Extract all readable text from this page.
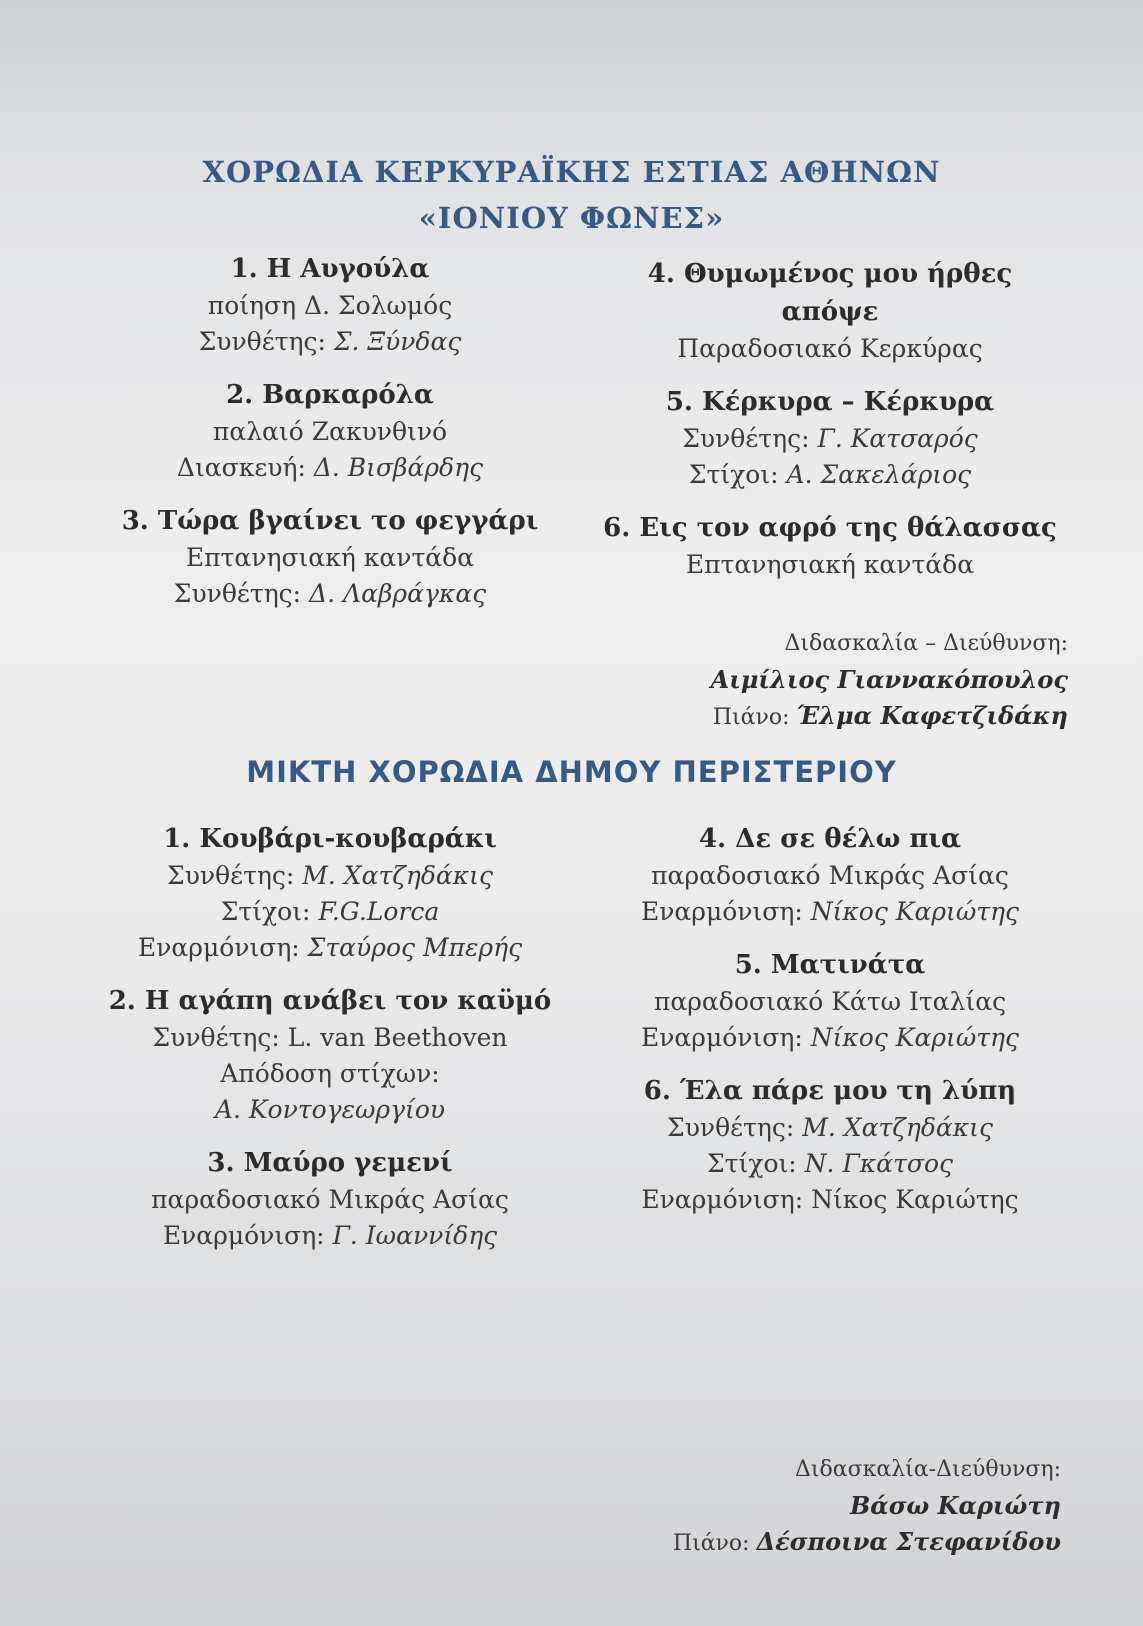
ΧΟΡΩΔΙΑ ΚΕΡΚΥΡΑΪΚΗΣ ΕΣΤΙΑΣ ΑΘΗΝΩΝ
«ΙΟΝΙΟΥ ΦΩΝΕΣ»
1. Η Αυγούλα
ποίηση Δ. Σολωμός
Συνθέτης: Σ. Ξύνδας
2. Βαρκαρόλα
παλαιό Ζακυνθινό
Διασκευή: Δ. Βισβάρδης
3. Τώρα βγαίνει το φεγγάρι
Επτανησιακή καντάδα
Συνθέτης: Δ. Λαβράγκας
4. Θυμωμένος μου ήρθες
απόψε
Παραδοσιακό Κερκύρας
5. Κέρκυρα – Κέρκυρα
Συνθέτης: Γ. Κατσαρός
Στίχοι: Α. Σακελάριος
6. Εις τον αφρό της θάλασσας
Επτανησιακή καντάδα
Διδασκαλία – Διεύθυνση:
Αιμίλιος Γιαννακόπουλος
Πιάνο: Έλμα Καφετζιδάκη
ΜΙΚΤΗ ΧΟΡΩΔΙΑ ΔΗΜΟΥ ΠΕΡΙΣΤΕΡΙΟΥ
1. Κουβάρι-κουβαράκι
Συνθέτης: Μ. Χατζηδάκις
Στίχοι: F.G.Lorca
Εναρμόνιση: Σταύρος Μπερής
2. Η αγάπη ανάβει τον καϋμό
Συνθέτης: L. van Beethoven
Απόδοση στίχων:
Α. Κοντογεωργίου
3. Μαύρο γεμενί
παραδοσιακό Μικράς Ασίας
Εναρμόνιση: Γ. Ιωαννίδης
4. Δε σε θέλω πια
παραδοσιακό Μικράς Ασίας
Εναρμόνιση: Νίκος Καριώτης
5. Ματινάτα
παραδοσιακό Κάτω Ιταλίας
Εναρμόνιση: Νίκος Καριώτης
6. Έλα πάρε μου τη λύπη
Συνθέτης: Μ. Χατζηδάκις
Στίχοι: Ν. Γκάτσος
Εναρμόνιση: Νίκος Καριώτης
Διδασκαλία-Διεύθυνση:
Βάσω Καριώτη
Πιάνο: Δέσποινα Στεφανίδου
